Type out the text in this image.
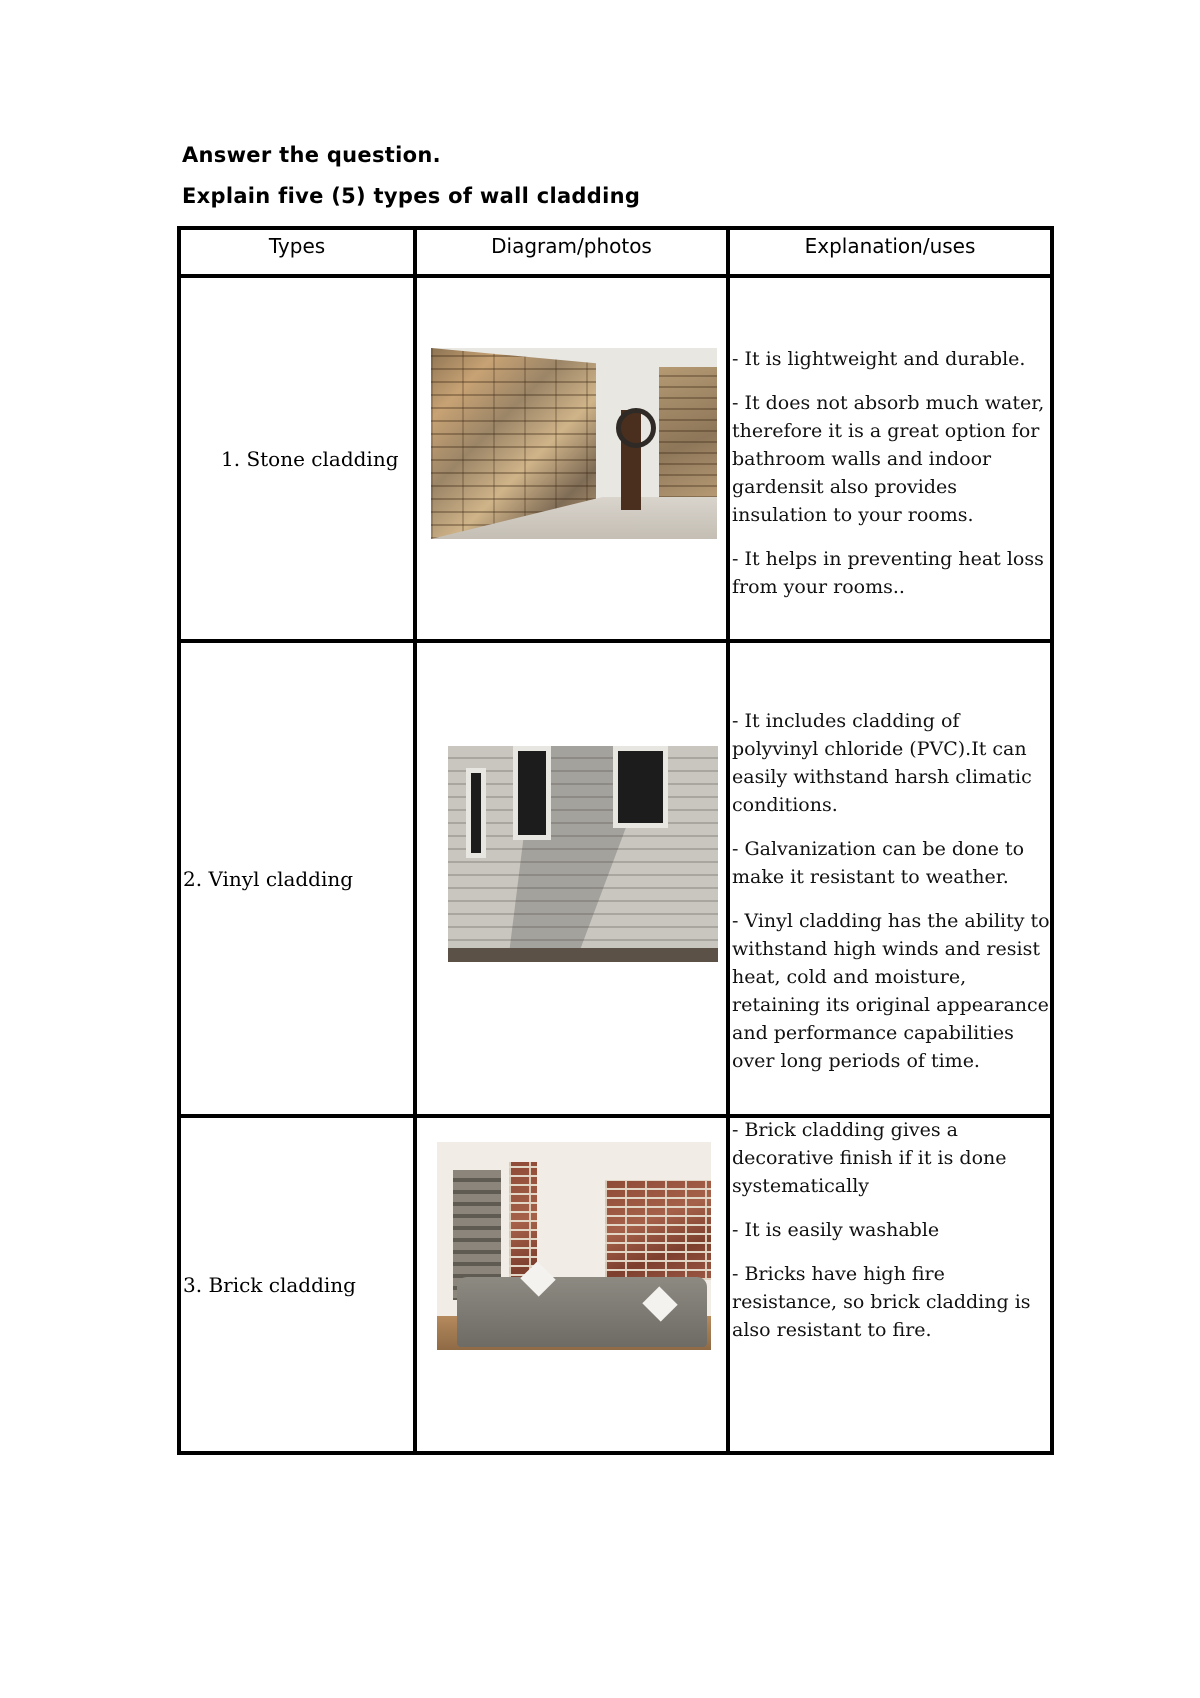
Answer the question.
Explain five (5) types of wall cladding
Types	Diagram/photos	Explanation/uses

1. Stone cladding		- It is lightweight and durable.

- It does not absorb much water, therefore it is a great option for bathroom walls and indoor gardensit also provides insulation to your rooms.

- It helps in preventing heat loss from your rooms..

2. Vinyl cladding		- It includes cladding of polyvinyl chloride (PVC).It can easily withstand harsh climatic conditions.

- Galvanization can be done to make it resistant to weather.

- Vinyl cladding has the ability to withstand high winds and resist heat, cold and moisture, retaining its original appearance and performance capabilities over long periods of time.

3. Brick cladding		- Brick cladding gives a decorative finish if it is done systematically

- It is easily washable

- Bricks have high fire resistance, so brick cladding is also resistant to fire.
